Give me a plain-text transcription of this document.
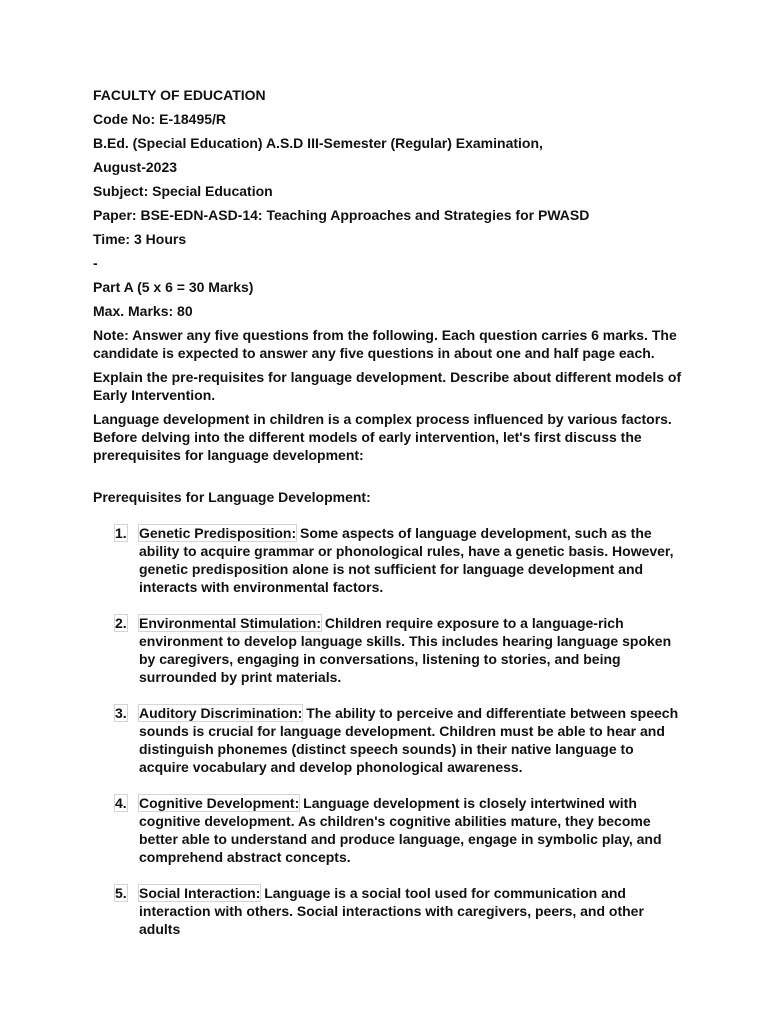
FACULTY OF EDUCATION
Code No: E-18495/R
B.Ed. (Special Education) A.S.D III-Semester (Regular) Examination,
August-2023
Subject: Special Education
Paper: BSE-EDN-ASD-14: Teaching Approaches and Strategies for PWASD
Time: 3 Hours
-
Part A (5 x 6 = 30 Marks)
Max. Marks: 80
Note: Answer any five questions from the following. Each question carries 6 marks. The candidate is expected to answer any five questions in about one and half page each.
Explain the pre-requisites for language development. Describe about different models of Early Intervention.
Language development in children is a complex process influenced by various factors. Before delving into the different models of early intervention, let's first discuss the prerequisites for language development:
Prerequisites for Language Development:
1. Genetic Predisposition: Some aspects of language development, such as the ability to acquire grammar or phonological rules, have a genetic basis. However, genetic predisposition alone is not sufficient for language development and interacts with environmental factors.
2. Environmental Stimulation: Children require exposure to a language-rich environment to develop language skills. This includes hearing language spoken by caregivers, engaging in conversations, listening to stories, and being surrounded by print materials.
3. Auditory Discrimination: The ability to perceive and differentiate between speech sounds is crucial for language development. Children must be able to hear and distinguish phonemes (distinct speech sounds) in their native language to acquire vocabulary and develop phonological awareness.
4. Cognitive Development: Language development is closely intertwined with cognitive development. As children's cognitive abilities mature, they become better able to understand and produce language, engage in symbolic play, and comprehend abstract concepts.
5. Social Interaction: Language is a social tool used for communication and interaction with others. Social interactions with caregivers, peers, and other adults
